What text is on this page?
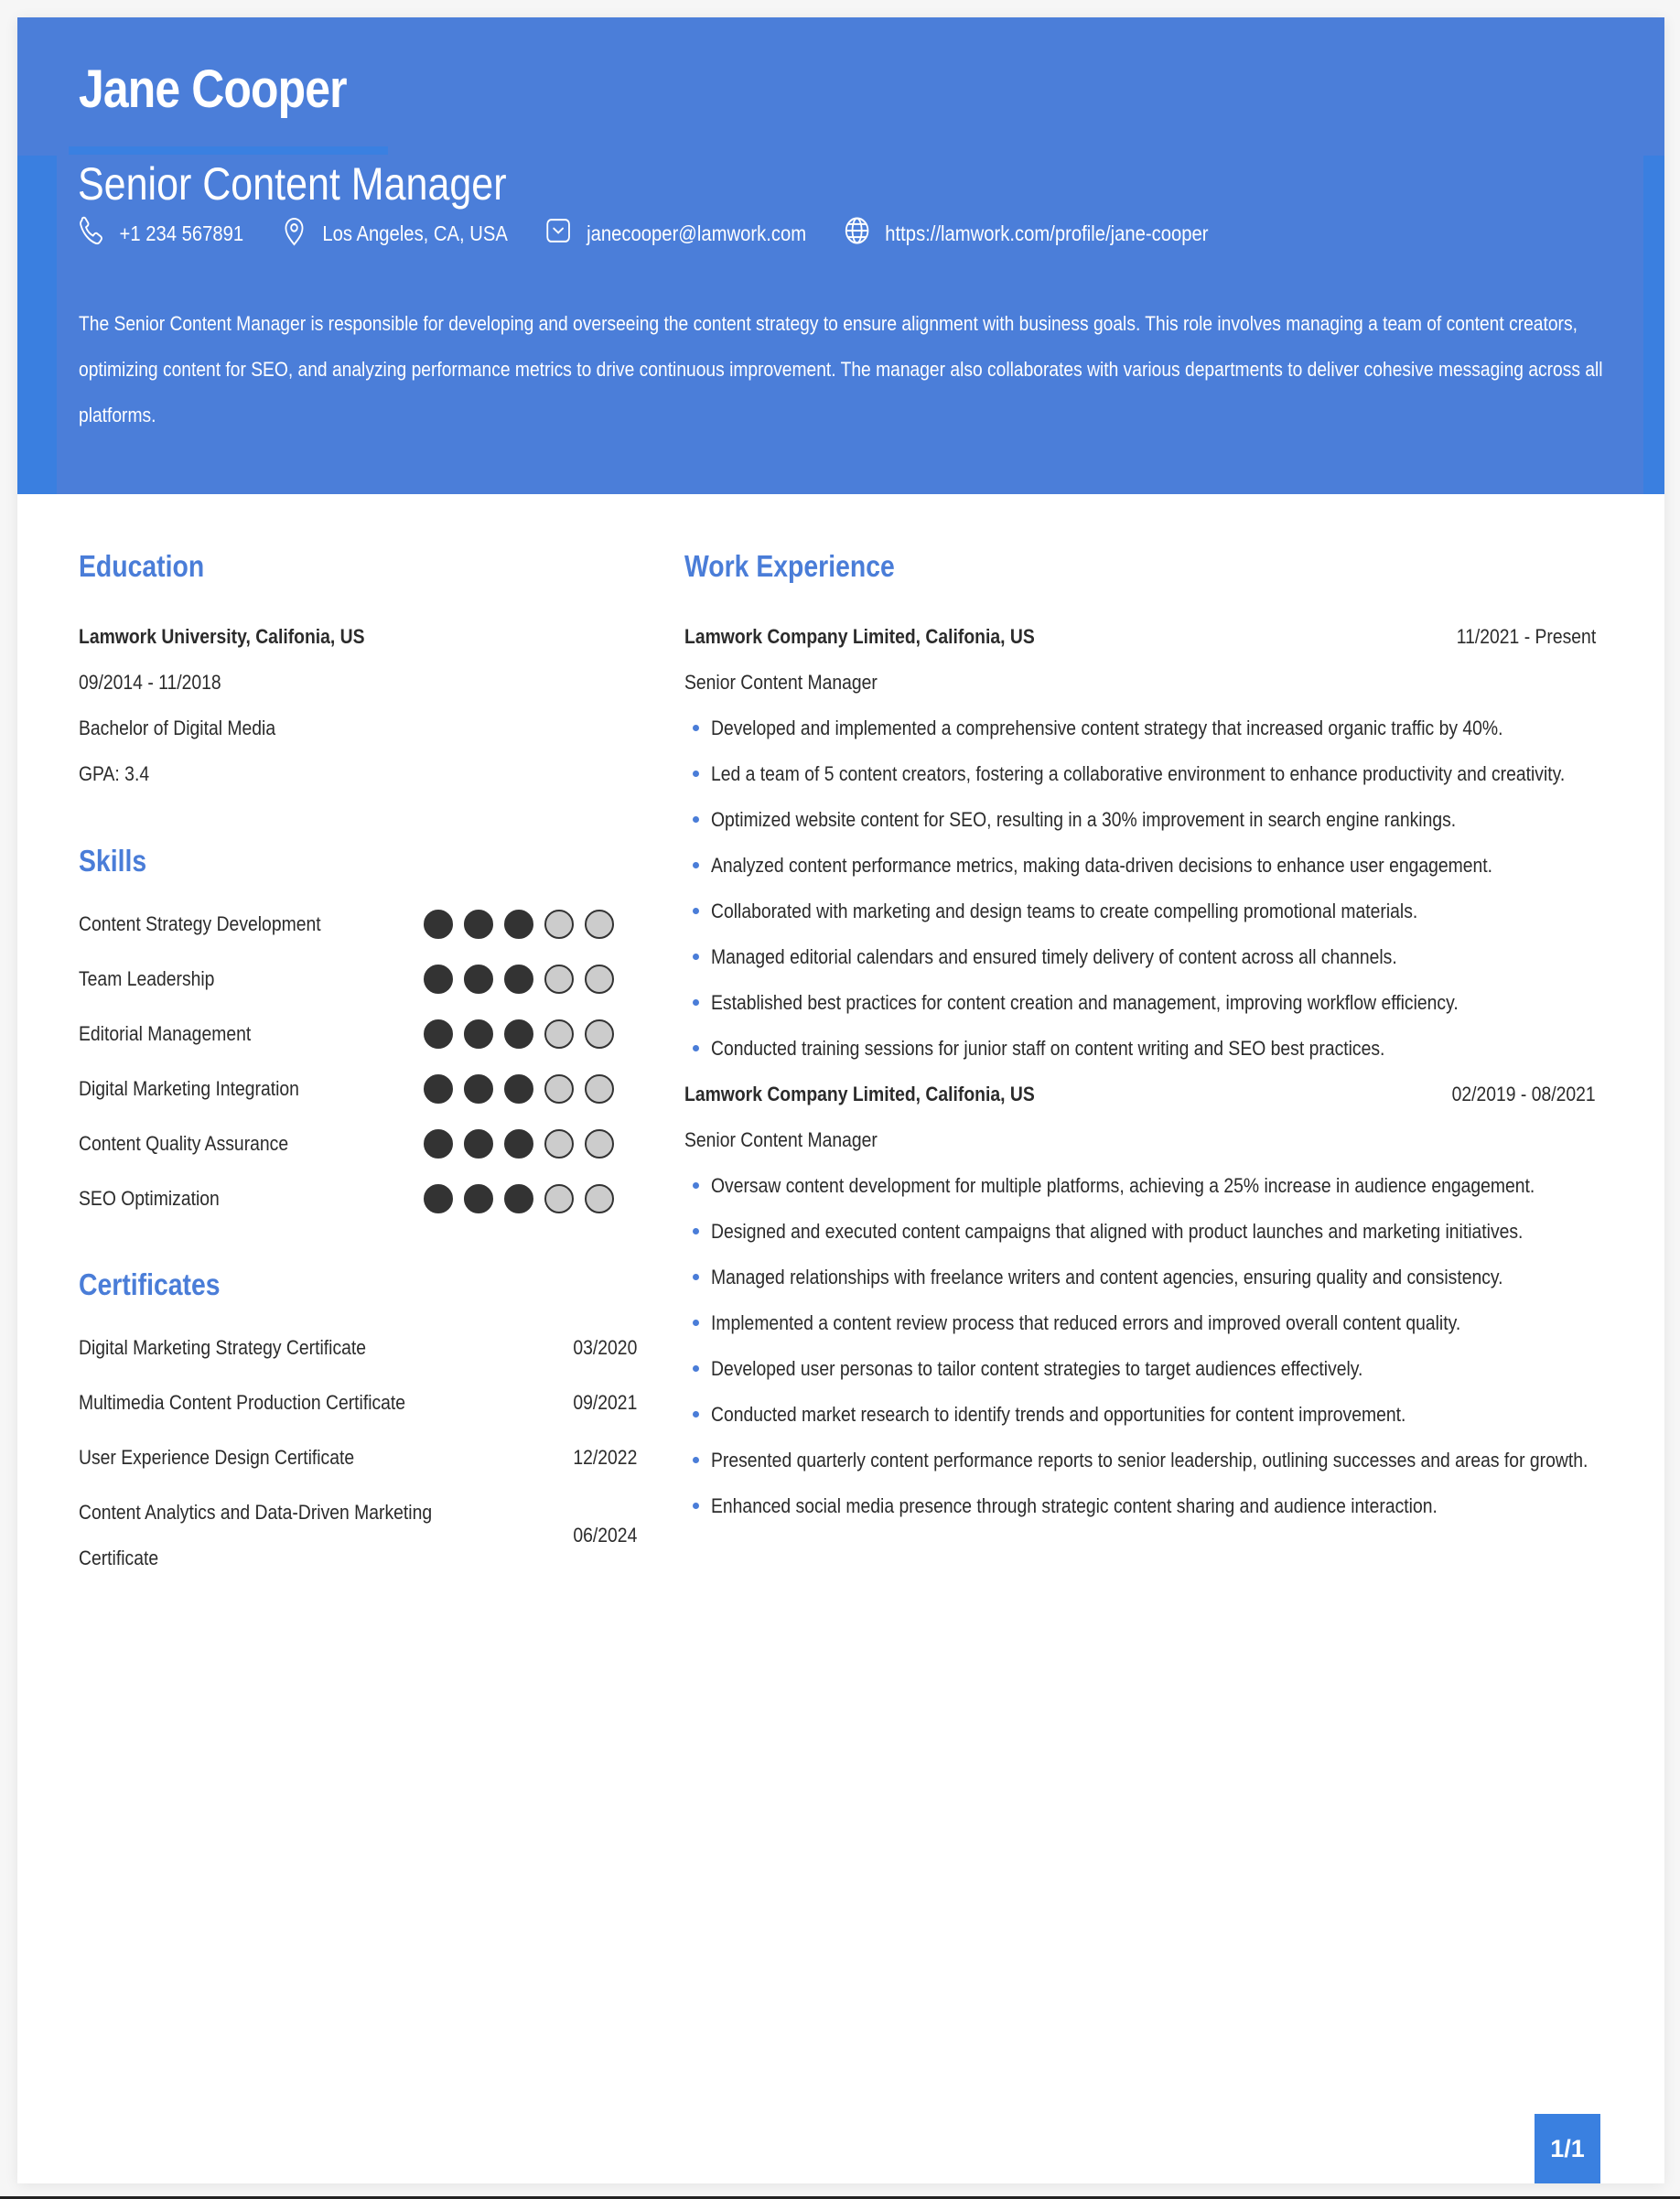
Jane Cooper
Senior Content Manager
+1 234 567891	Los Angeles, CA, USA	janecooper@lamwork.com	https://lamwork.com/profile/jane-cooper

The Senior Content Manager is responsible for developing and overseeing the content strategy to ensure alignment with business goals. This role involves managing a team of content creators, optimizing content for SEO, and analyzing performance metrics to drive continuous improvement. The manager also collaborates with various departments to deliver cohesive messaging across all platforms.

Education
Lamwork University, Califonia, US
09/2014 - 11/2018
Bachelor of Digital Media
GPA: 3.4
Skills
Content Strategy Development
Team Leadership
Editorial Management
Digital Marketing Integration
Content Quality Assurance
SEO Optimization
Certificates
Digital Marketing Strategy Certificate	03/2020
Multimedia Content Production Certificate	09/2021
User Experience Design Certificate	12/2022
Content Analytics and Data-Driven Marketing
Certificate
06/2024
Work Experience
Lamwork Company Limited, Califonia, US	11/2021 - Present
Senior Content Manager
Developed and implemented a comprehensive content strategy that increased organic traffic by 40%.
Led a team of 5 content creators, fostering a collaborative environment to enhance productivity and creativity.
Optimized website content for SEO, resulting in a 30% improvement in search engine rankings.
Analyzed content performance metrics, making data-driven decisions to enhance user engagement.
Collaborated with marketing and design teams to create compelling promotional materials.
Managed editorial calendars and ensured timely delivery of content across all channels.
Established best practices for content creation and management, improving workflow efficiency.
Conducted training sessions for junior staff on content writing and SEO best practices.
Lamwork Company Limited, Califonia, US	02/2019 - 08/2021
Senior Content Manager
Oversaw content development for multiple platforms, achieving a 25% increase in audience engagement.
Designed and executed content campaigns that aligned with product launches and marketing initiatives.
Managed relationships with freelance writers and content agencies, ensuring quality and consistency.
Implemented a content review process that reduced errors and improved overall content quality.
Developed user personas to tailor content strategies to target audiences effectively.
Conducted market research to identify trends and opportunities for content improvement.
Presented quarterly content performance reports to senior leadership, outlining successes and areas for growth.
Enhanced social media presence through strategic content sharing and audience interaction.
1/1
